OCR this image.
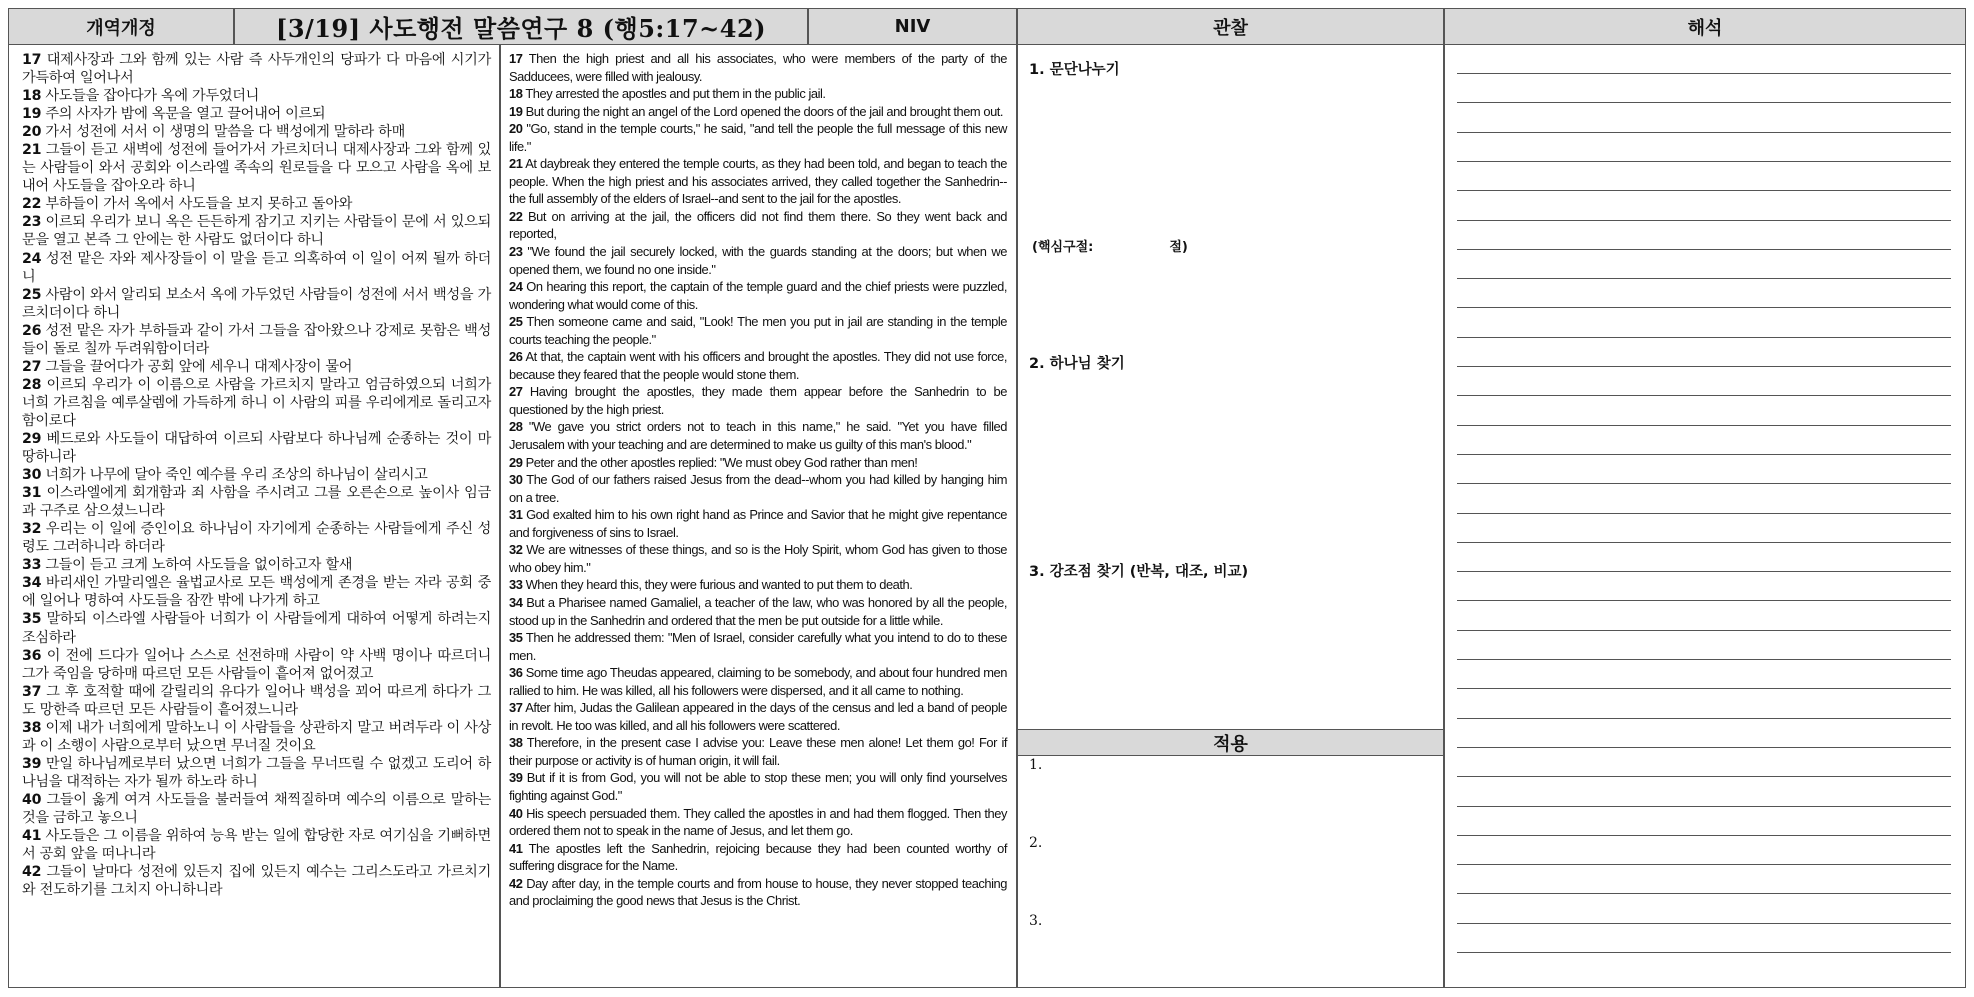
개역개정	[3/19] 사도행전 말씀연구 8 (행5:17~42)	NIV	관찰	해석
17 대제사장과 그와 함께 있는 사람 즉 사두개인의 당파가 다 마음에 시기가 가득하여 일어나서
18 사도들을 잡아다가 옥에 가두었더니
19 주의 사자가 밤에 옥문을 열고 끌어내어 이르되
20 가서 성전에 서서 이 생명의 말씀을 다 백성에게 말하라 하매
21 그들이 듣고 새벽에 성전에 들어가서 가르치더니 대제사장과 그와 함께 있는 사람들이 와서 공회와 이스라엘 족속의 원로들을 다 모으고 사람을 옥에 보내어 사도들을 잡아오라 하니
22 부하들이 가서 옥에서 사도들을 보지 못하고 돌아와
23 이르되 우리가 보니 옥은 든든하게 잠기고 지키는 사람들이 문에 서 있으되 문을 열고 본즉 그 안에는 한 사람도 없더이다 하니
24 성전 맡은 자와 제사장들이 이 말을 듣고 의혹하여 이 일이 어찌 될까 하더니
25 사람이 와서 알리되 보소서 옥에 가두었던 사람들이 성전에 서서 백성을 가르치더이다 하니
26 성전 맡은 자가 부하들과 같이 가서 그들을 잡아왔으나 강제로 못함은 백성들이 돌로 칠까 두려워함이더라
27 그들을 끌어다가 공회 앞에 세우니 대제사장이 물어
28 이르되 우리가 이 이름으로 사람을 가르치지 말라고 엄금하였으되 너희가 너희 가르침을 예루살렘에 가득하게 하니 이 사람의 피를 우리에게로 돌리고자 함이로다
29 베드로와 사도들이 대답하여 이르되 사람보다 하나님께 순종하는 것이 마땅하니라
30 너희가 나무에 달아 죽인 예수를 우리 조상의 하나님이 살리시고
31 이스라엘에게 회개함과 죄 사함을 주시려고 그를 오른손으로 높이사 임금과 구주로 삼으셨느니라
32 우리는 이 일에 증인이요 하나님이 자기에게 순종하는 사람들에게 주신 성령도 그러하니라 하더라
33 그들이 듣고 크게 노하여 사도들을 없이하고자 할새
34 바리새인 가말리엘은 율법교사로 모든 백성에게 존경을 받는 자라 공회 중에 일어나 명하여 사도들을 잠깐 밖에 나가게 하고
35 말하되 이스라엘 사람들아 너희가 이 사람들에게 대하여 어떻게 하려는지 조심하라
36 이 전에 드다가 일어나 스스로 선전하매 사람이 약 사백 명이나 따르더니 그가 죽임을 당하매 따르던 모든 사람들이 흩어져 없어졌고
37 그 후 호적할 때에 갈릴리의 유다가 일어나 백성을 꾀어 따르게 하다가 그도 망한즉 따르던 모든 사람들이 흩어졌느니라
38 이제 내가 너희에게 말하노니 이 사람들을 상관하지 말고 버려두라 이 사상과 이 소행이 사람으로부터 났으면 무너질 것이요
39 만일 하나님께로부터 났으면 너희가 그들을 무너뜨릴 수 없겠고 도리어 하나님을 대적하는 자가 될까 하노라 하니
40 그들이 옳게 여겨 사도들을 불러들여 채찍질하며 예수의 이름으로 말하는 것을 금하고 놓으니
41 사도들은 그 이름을 위하여 능욕 받는 일에 합당한 자로 여기심을 기뻐하면서 공회 앞을 떠나니라
42 그들이 날마다 성전에 있든지 집에 있든지 예수는 그리스도라고 가르치기와 전도하기를 그치지 아니하니라
17 Then the high priest and all his associates, who were members of the party of the Sadducees, were filled with jealousy.
18 They arrested the apostles and put them in the public jail.
19 But during the night an angel of the Lord opened the doors of the jail and brought them out.
20 "Go, stand in the temple courts," he said, "and tell the people the full message of this new life."
21 At daybreak they entered the temple courts, as they had been told, and began to teach the people. When the high priest and his associates arrived, they called together the Sanhedrin--the full assembly of the elders of Israel--and sent to the jail for the apostles.
22 But on arriving at the jail, the officers did not find them there. So they went back and reported,
23 "We found the jail securely locked, with the guards standing at the doors; but when we opened them, we found no one inside."
24 On hearing this report, the captain of the temple guard and the chief priests were puzzled, wondering what would come of this.
25 Then someone came and said, "Look! The men you put in jail are standing in the temple courts teaching the people."
26 At that, the captain went with his officers and brought the apostles. They did not use force, because they feared that the people would stone them.
27 Having brought the apostles, they made them appear before the Sanhedrin to be questioned by the high priest.
28 "We gave you strict orders not to teach in this name," he said. "Yet you have filled Jerusalem with your teaching and are determined to make us guilty of this man's blood."
29 Peter and the other apostles replied: "We must obey God rather than men!
30 The God of our fathers raised Jesus from the dead--whom you had killed by hanging him on a tree.
31 God exalted him to his own right hand as Prince and Savior that he might give repentance and forgiveness of sins to Israel.
32 We are witnesses of these things, and so is the Holy Spirit, whom God has given to those who obey him."
33 When they heard this, they were furious and wanted to put them to death.
34 But a Pharisee named Gamaliel, a teacher of the law, who was honored by all the people, stood up in the Sanhedrin and ordered that the men be put outside for a little while.
35 Then he addressed them: "Men of Israel, consider carefully what you intend to do to these men.
36 Some time ago Theudas appeared, claiming to be somebody, and about four hundred men rallied to him. He was killed, all his followers were dispersed, and it all came to nothing.
37 After him, Judas the Galilean appeared in the days of the census and led a band of people in revolt. He too was killed, and all his followers were scattered.
38 Therefore, in the present case I advise you: Leave these men alone! Let them go! For if their purpose or activity is of human origin, it will fail.
39 But if it is from God, you will not be able to stop these men; you will only find yourselves fighting against God."
40 His speech persuaded them. They called the apostles in and had them flogged. Then they ordered them not to speak in the name of Jesus, and let them go.
41 The apostles left the Sanhedrin, rejoicing because they had been counted worthy of suffering disgrace for the Name.
42 Day after day, in the temple courts and from house to house, they never stopped teaching and proclaiming the good news that Jesus is the Christ.
1. 문단나누기
(핵심구절:	절)
2. 하나님 찾기
3. 강조점 찾기 (반복, 대조, 비교)
적용
1.
2.
3.
